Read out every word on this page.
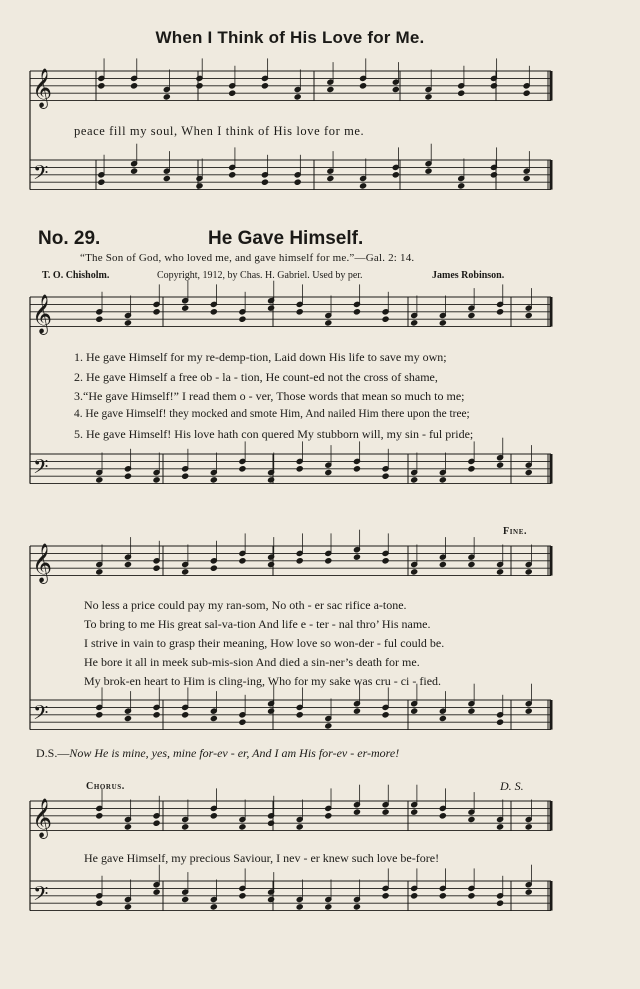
𝄞
𝄢
𝄞
𝄢
𝄞
𝄢
𝄞
𝄢
When I Think of His Love for Me.
peace fill my soul, When I think of His love for me.
No. 29.	He Gave Himself.
“The Son of God, who loved me, and gave himself for me.”—Gal. 2: 14.
T. O. Chisholm.	Copyright, 1912, by Chas. H. Gabriel. Used by per.	James Robinson.
1. He gave Himself for my re-demp-tion, Laid down His life to save my own;
2. He gave Himself a free ob - la - tion, He count-ed not the cross of shame,
3.“He gave Himself!” I read them o - ver, Those words that mean so much to me;
4. He gave Himself! they mocked and smote Him, And nailed Him there upon the tree;
5. He gave Himself! His love hath con quered My stubborn will, my sin - ful pride;
Fine.
No less a price could pay my ran-som, No oth - er sac rifice a-tone.
To bring to me His great sal-va-tion And life e - ter - nal thro’ His name.
I strive in vain to grasp their meaning, How love so won-der - ful could be.
He bore it all in meek sub-mis-sion And died a sin-ner’s death for me.
My brok-en heart to Him is cling-ing, Who for my sake was cru - ci - fied.
D.S.—Now He is mine, yes, mine for-ev - er, And I am His for-ev - er-more!
Chorus.	D. S.
He gave Himself, my precious Saviour, I nev - er knew such love be-fore!
